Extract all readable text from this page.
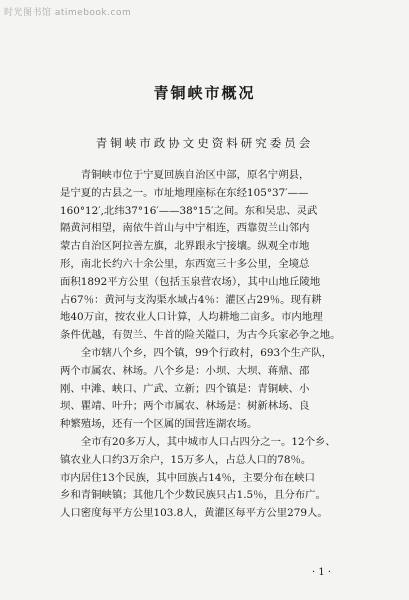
时光图书馆 atimebook.com
青铜峡市概况
青铜峡市政协文史资料研究委员会
　　青铜峡市位于宁夏回族自治区中部，原名宁朔县，
是宁夏的古县之一。市址地理座标在东经105°37′——
160°12′,北纬37°16′——38°15′之间。东和吴忠、灵武
隔黄河相望，南依牛首山与中宁相连，西靠贺兰山邻内
蒙古自治区阿拉善左旗，北界跟永宁接壤。纵观全市地
形，南北长约六十余公里，东西宽三十多公里，全境总
面积1892平方公里（包括玉泉营农场），其中山地丘陵地
占67％：黄河与支沟渠水域占4％：灌区占29％。现有耕
地40万亩，按农业人口计算，人均耕地二亩多。市内地理
条件优越，有贺兰、牛首的险关隘口，为古今兵家必争之地。
　　全市辖八个乡，四个镇，99个行政村，693个生产队，
两个市属农、林场。八个乡是：小坝、大坝、蒋鼎、邵
刚、中滩、峡口、广武、立新；四个镇是：青铜峡、小
坝、瞿靖、叶升；两个市属农、林场是：树新林场、良
种繁殖场，还有一个区属的国营连湖农场。
　　全市有20多万人，其中城市人口占四分之一。12个乡、
镇农业人口约3万余户，15万多人，占总人口的78％。
市内居住13个民族，其中回族占14％，主要分布在峡口
乡和青铜峡镇；其他几个少数民族只占1.5％，且分布广。
人口密度每平方公里103.8人，黄灌区每平方公里279人。
· 1 ·
